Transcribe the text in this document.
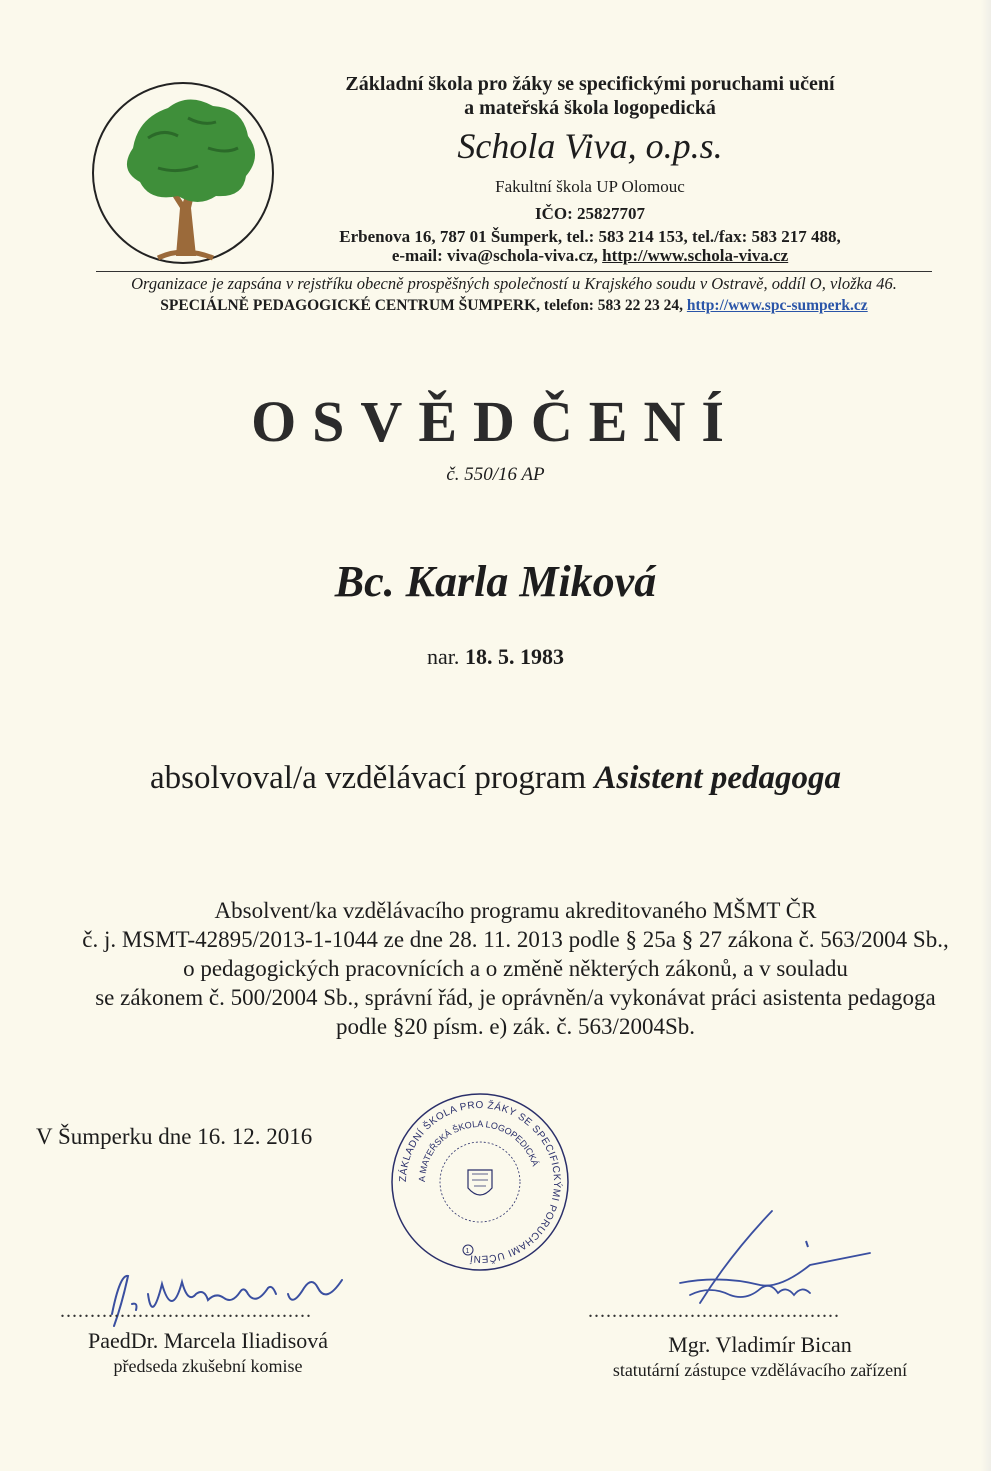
Základní škola pro žáky se specifickými poruchami učení
a mateřská škola logopedická
Schola Viva, o.p.s.
Fakultní škola UP Olomouc
IČO: 25827707
Erbenova 16, 787 01 Šumperk, tel.: 583 214 153, tel./fax: 583 217 488,
e-mail: viva@schola-viva.cz, http://www.schola-viva.cz
Organizace je zapsána v rejstříku obecně prospěšných společností u Krajského soudu v Ostravě, oddíl O, vložka 46.
SPECIÁLNĚ PEDAGOGICKÉ CENTRUM ŠUMPERK, telefon: 583 22 23 24, http://www.spc-sumperk.cz
OSVĚDČENÍ
č. 550/16 AP
Bc. Karla Miková
nar. 18. 5. 1983
absolvoval/a vzdělávací program Asistent pedagoga
Absolvent/ka vzdělávacího programu akreditovaného MŠMT ČR
č. j. MSMT-42895/2013-1-1044 ze dne 28. 11. 2013 podle § 25a § 27 zákona č. 563/2004 Sb.,
o pedagogických pracovnících a o změně některých zákonů, a v souladu
se zákonem č. 500/2004 Sb., správní řád, je oprávněn/a vykonávat práci asistenta pedagoga
podle §20 písm. e) zák. č. 563/2004Sb.
V Šumperku dne 16. 12. 2016
ZÁKLADNÍ ŠKOLA PRO ŽÁKY SE SPECIFICKÝMI PORUCHAMI UČENÍ
A MATEŘSKÁ ŠKOLA LOGOPEDICKÁ
1
..........................................	..........................................
PaedDr. Marcela Iliadisová
předseda zkušební komise
Mgr. Vladimír Bican
statutární zástupce vzdělávacího zařízení
